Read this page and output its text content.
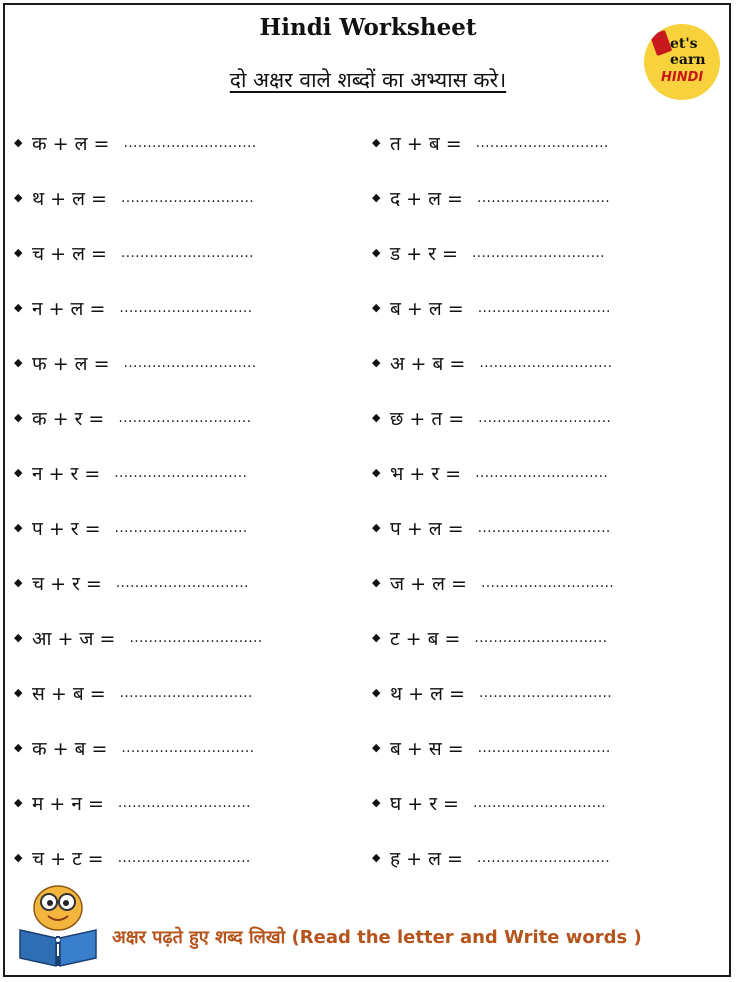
Hindi Worksheet
दो अक्षर वाले शब्दों का अभ्यास करे।
et's
earn
HINDI
◆ क + ल = ............................
◆ थ + ल = ............................
◆ च + ल = ............................
◆ न + ल = ............................
◆ फ + ल = ............................
◆ क + र = ............................
◆ न + र = ............................
◆ प + र = ............................
◆ च + र = ............................
◆ आ + ज = ............................
◆ स + ब = ............................
◆ क + ब = ............................
◆ म + न = ............................
◆ च + ट = ............................
◆ त + ब = ............................
◆ द + ल = ............................
◆ ड + र = ............................
◆ ब + ल = ............................
◆ अ + ब = ............................
◆ छ + त = ............................
◆ भ + र = ............................
◆ प + ल = ............................
◆ ज + ल = ............................
◆ ट + ब = ............................
◆ थ + ल = ............................
◆ ब + स = ............................
◆ घ + र = ............................
◆ ह + ल = ............................
अक्षर पढ़ते हुए शब्द लिखो (Read the letter and Write words )
